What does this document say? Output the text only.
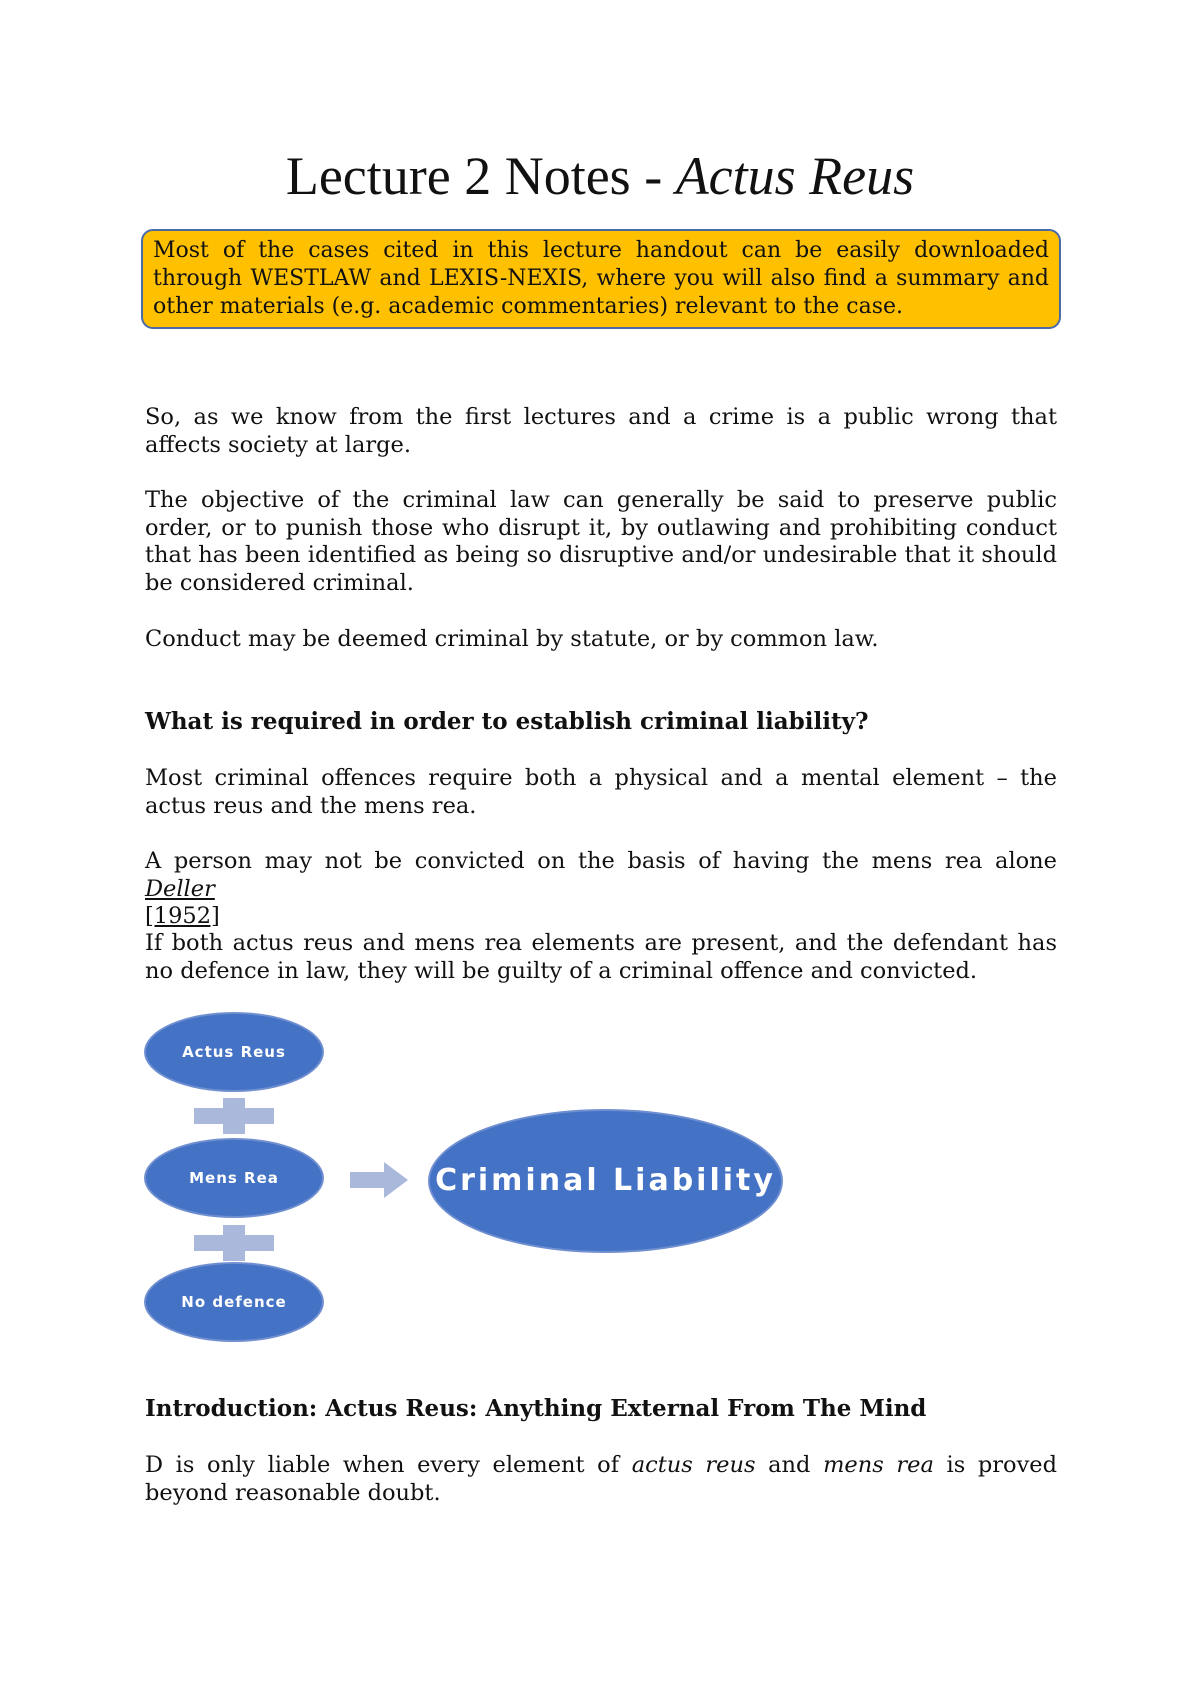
Lecture 2 Notes - Actus Reus
Most of the cases cited in this lecture handout can be easily downloaded through WESTLAW and LEXIS-NEXIS, where you will also find a summary and other materials (e.g. academic commentaries) relevant to the case.

So, as we know from the first lectures and a crime is a public wrong that affects society at large.

The objective of the criminal law can generally be said to preserve public order, or to punish those who disrupt it, by outlawing and prohibiting conduct that has been identified as being so disruptive and/or undesirable that it should be considered criminal.

Conduct may be deemed criminal by statute, or by common law.

What is required in order to establish criminal liability?

Most criminal offences require both a physical and a mental element – the actus reus and the mens rea.

A person may not be convicted on the basis of having the mens rea alone Deller
[1952]

If both actus reus and mens rea elements are present, and the defendant has no defence in law, they will be guilty of a criminal offence and convicted.

Actus Reus
Mens Rea
No defence
Criminal Liability
Introduction: Actus Reus: Anything External From The Mind

D is only liable when every element of actus reus and mens rea is proved beyond reasonable doubt.
